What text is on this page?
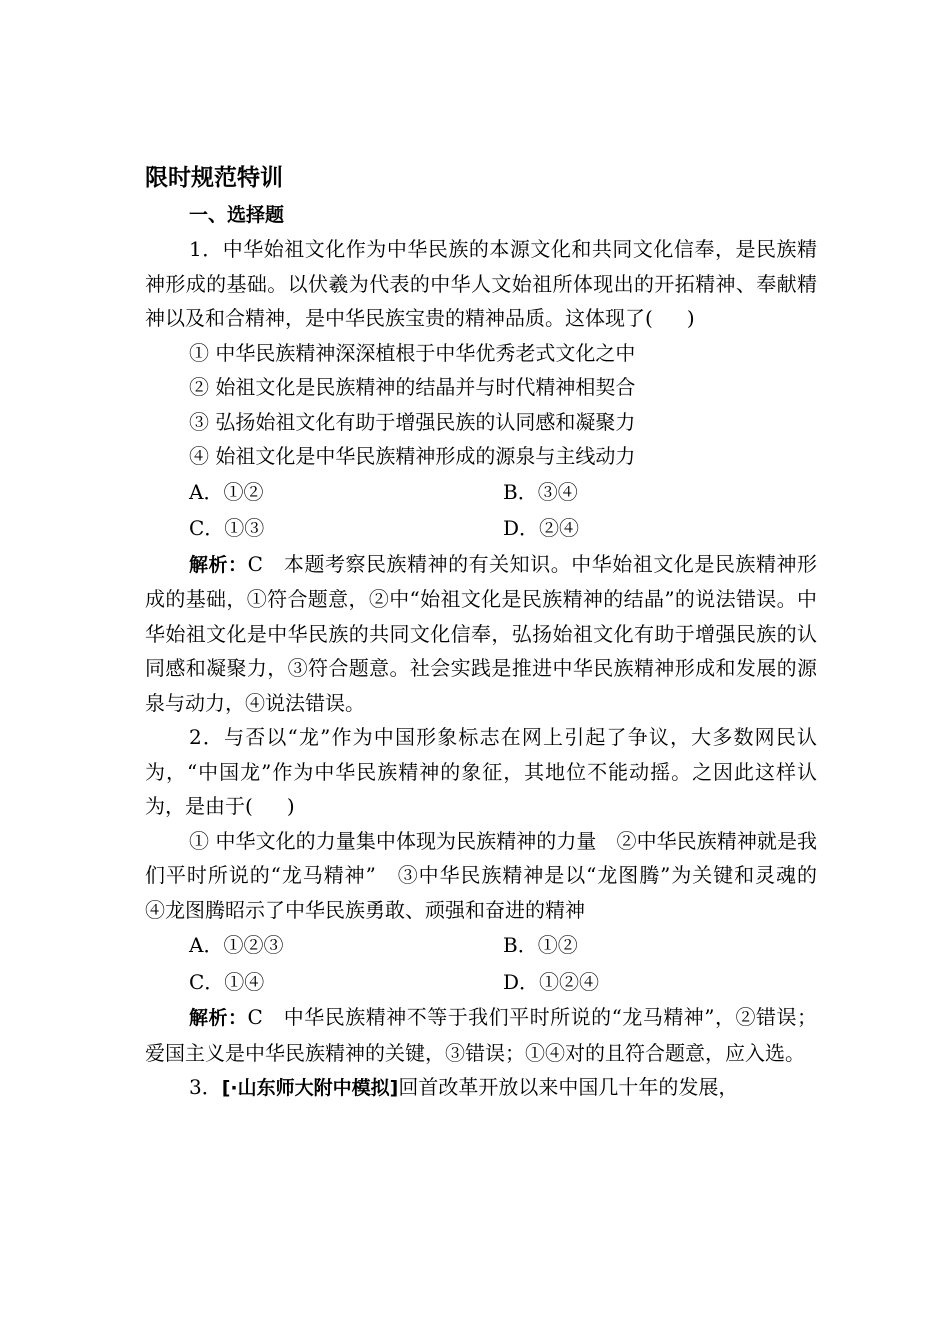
限时规范特训
一、选择题

1．中华始祖文化作为中华民族的本源文化和共同文化信奉，是民族精神形成的基础。以伏羲为代表的中华人文始祖所体现出的开拓精神、奉献精神以及和合精神，是中华民族宝贵的精神品质。这体现了( )

① 中华民族精神深深植根于中华优秀老式文化之中
② 始祖文化是民族精神的结晶并与时代精神相契合
③ 弘扬始祖文化有助于增强民族的认同感和凝聚力
④ 始祖文化是中华民族精神形成的源泉与主线动力
A．①②	B．③④
C．①③	D．②④

解析：C　本题考察民族精神的有关知识。中华始祖文化是民族精神形成的基础，①符合题意，②中“始祖文化是民族精神的结晶”的说法错误。中华始祖文化是中华民族的共同文化信奉，弘扬始祖文化有助于增强民族的认同感和凝聚力，③符合题意。社会实践是推进中华民族精神形成和发展的源泉与动力，④说法错误。

2．与否以“龙”作为中国形象标志在网上引起了争议，大多数网民认为，“中国龙”作为中华民族精神的象征，其地位不能动摇。之因此这样认为，是由于( )

① 中华文化的力量集中体现为民族精神的力量　②中华民族精神就是我们平时所说的“龙马精神”　③中华民族精神是以“龙图腾”为关键和灵魂的　④龙图腾昭示了中华民族勇敢、顽强和奋进的精神

A．①②③	B．①②
C．①④	D．①②④

解析：C　中华民族精神不等于我们平时所说的“龙马精神”，②错误；爱国主义是中华民族精神的关键，③错误；①④对的且符合题意，应入选。

3．[·山东师大附中模拟]回首改革开放以来中国几十年的发展，
